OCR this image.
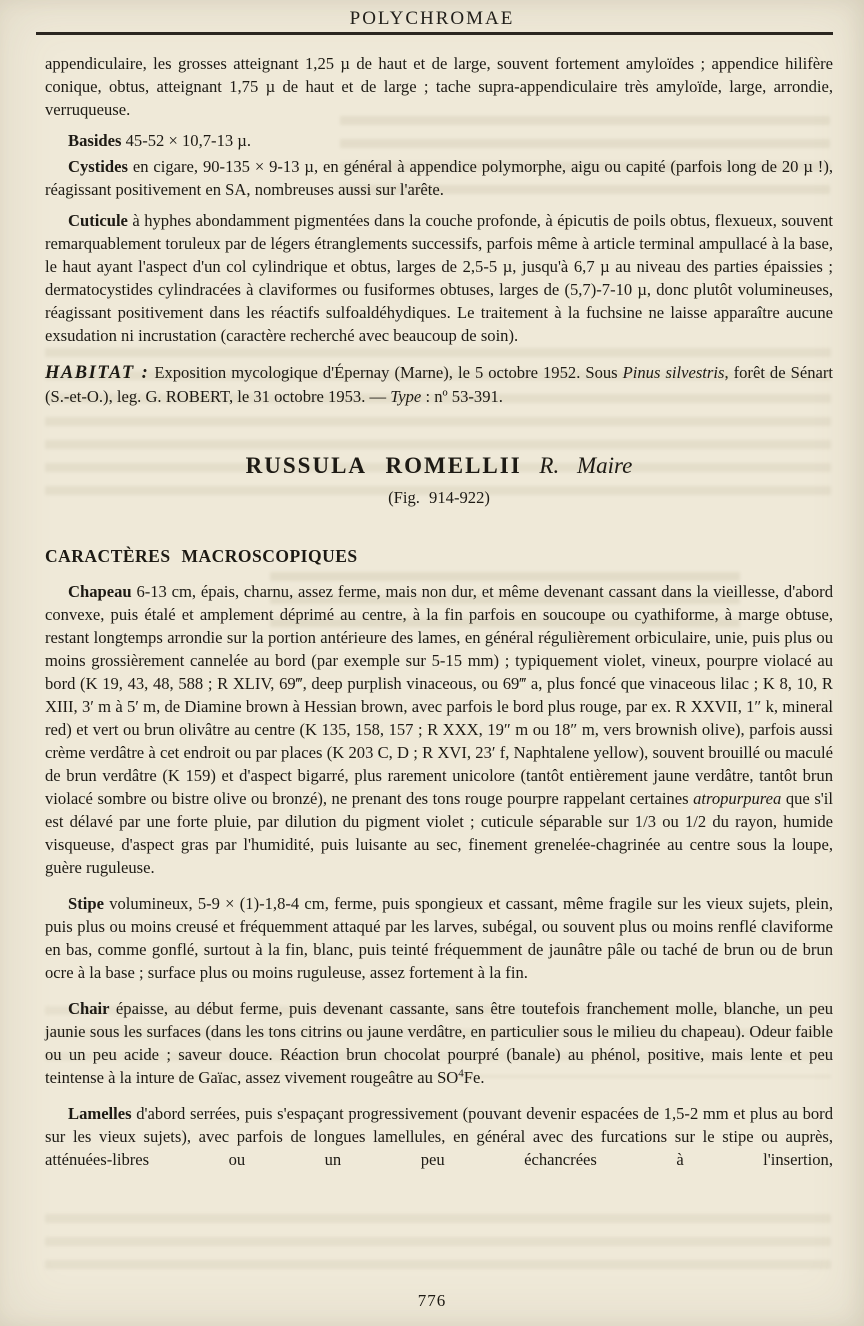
POLYCHROMAE

appendiculaire, les grosses atteignant 1,25 µ de haut et de large, souvent fortement amyloïdes ; appendice hilifère conique, obtus, atteignant 1,75 µ de haut et de large ; tache supra-appendiculaire très amyloïde, large, arrondie, verruqueuse.

Basides 45-52 × 10,7-13 µ.

Cystides en cigare, 90-135 × 9-13 µ, en général à appendice polymorphe, aigu ou capité (parfois long de 20 µ !), réagissant positivement en SA, nombreuses aussi sur l'arête.

Cuticule à hyphes abondamment pigmentées dans la couche profonde, à épicutis de poils obtus, flexueux, souvent remarquablement toruleux par de légers étranglements successifs, parfois même à article terminal ampullacé à la base, le haut ayant l'aspect d'un col cylindrique et obtus, larges de 2,5-5 µ, jusqu'à 6,7 µ au niveau des parties épaissies ; dermatocystides cylindracées à claviformes ou fusiformes obtuses, larges de (5,7)-7-10 µ, donc plutôt volumineuses, réagissant positivement dans les réactifs sulfoaldéhydiques. Le traitement à la fuchsine ne laisse apparaître aucune exsudation ni incrustation (caractère recherché avec beaucoup de soin).

HABITAT : Exposition mycologique d'Épernay (Marne), le 5 octobre 1952. Sous Pinus silvestris, forêt de Sénart (S.-et-O.), leg. G. ROBERT, le 31 octobre 1953. — Type : nº 53-391.

RUSSULA ROMELLII R. Maire
(Fig. 914-922)
CARACTÈRES MACROSCOPIQUES

Chapeau 6-13 cm, épais, charnu, assez ferme, mais non dur, et même devenant cassant dans la vieillesse, d'abord convexe, puis étalé et amplement déprimé au centre, à la fin parfois en soucoupe ou cyathiforme, à marge obtuse, restant longtemps arrondie sur la portion antérieure des lames, en général régulièrement orbiculaire, unie, puis plus ou moins grossièrement cannelée au bord (par exemple sur 5-15 mm) ; typiquement violet, vineux, pourpre violacé au bord (K 19, 43, 48, 588 ; R XLIV, 69‴, deep purplish vinaceous, ou 69‴ a, plus foncé que vinaceous lilac ; K 8, 10, R XIII, 3′ m à 5′ m, de Diamine brown à Hessian brown, avec parfois le bord plus rouge, par ex. R XXVII, 1″ k, mineral red) et vert ou brun olivâtre au centre (K 135, 158, 157 ; R XXX, 19″ m ou 18″ m, vers brownish olive), parfois aussi crème verdâtre à cet endroit ou par places (K 203 C, D ; R XVI, 23′ f, Naphtalene yellow), souvent brouillé ou maculé de brun verdâtre (K 159) et d'aspect bigarré, plus rarement unicolore (tantôt entièrement jaune verdâtre, tantôt brun violacé sombre ou bistre olive ou bronzé), ne prenant des tons rouge pourpre rappelant certaines atropurpurea que s'il est délavé par une forte pluie, par dilution du pigment violet ; cuticule séparable sur 1/3 ou 1/2 du rayon, humide visqueuse, d'aspect gras par l'humidité, puis luisante au sec, finement grenelée-chagrinée au centre sous la loupe, guère ruguleuse.

Stipe volumineux, 5-9 × (1)-1,8-4 cm, ferme, puis spongieux et cassant, même fragile sur les vieux sujets, plein, puis plus ou moins creusé et fréquemment attaqué par les larves, subégal, ou souvent plus ou moins renflé claviforme en bas, comme gonflé, surtout à la fin, blanc, puis teinté fréquemment de jaunâtre pâle ou taché de brun ou de brun ocre à la base ; surface plus ou moins ruguleuse, assez fortement à la fin.

Chair épaisse, au début ferme, puis devenant cassante, sans être toutefois franchement molle, blanche, un peu jaunie sous les surfaces (dans les tons citrins ou jaune verdâtre, en particulier sous le milieu du chapeau). Odeur faible ou un peu acide ; saveur douce. Réaction brun chocolat pourpré (banale) au phénol, positive, mais lente et peu teintense à la inture de Gaïac, assez vivement rougeâtre au $SO^4Fe$.

Lamelles d'abord serrées, puis s'espaçant progressivement (pouvant devenir espacées de 1,5-2 mm et plus au bord sur les vieux sujets), avec parfois de longues lamellules, en général avec des furcations sur le stipe ou auprès, atténuées-libres ou un peu échancrées à l'insertion,

776
